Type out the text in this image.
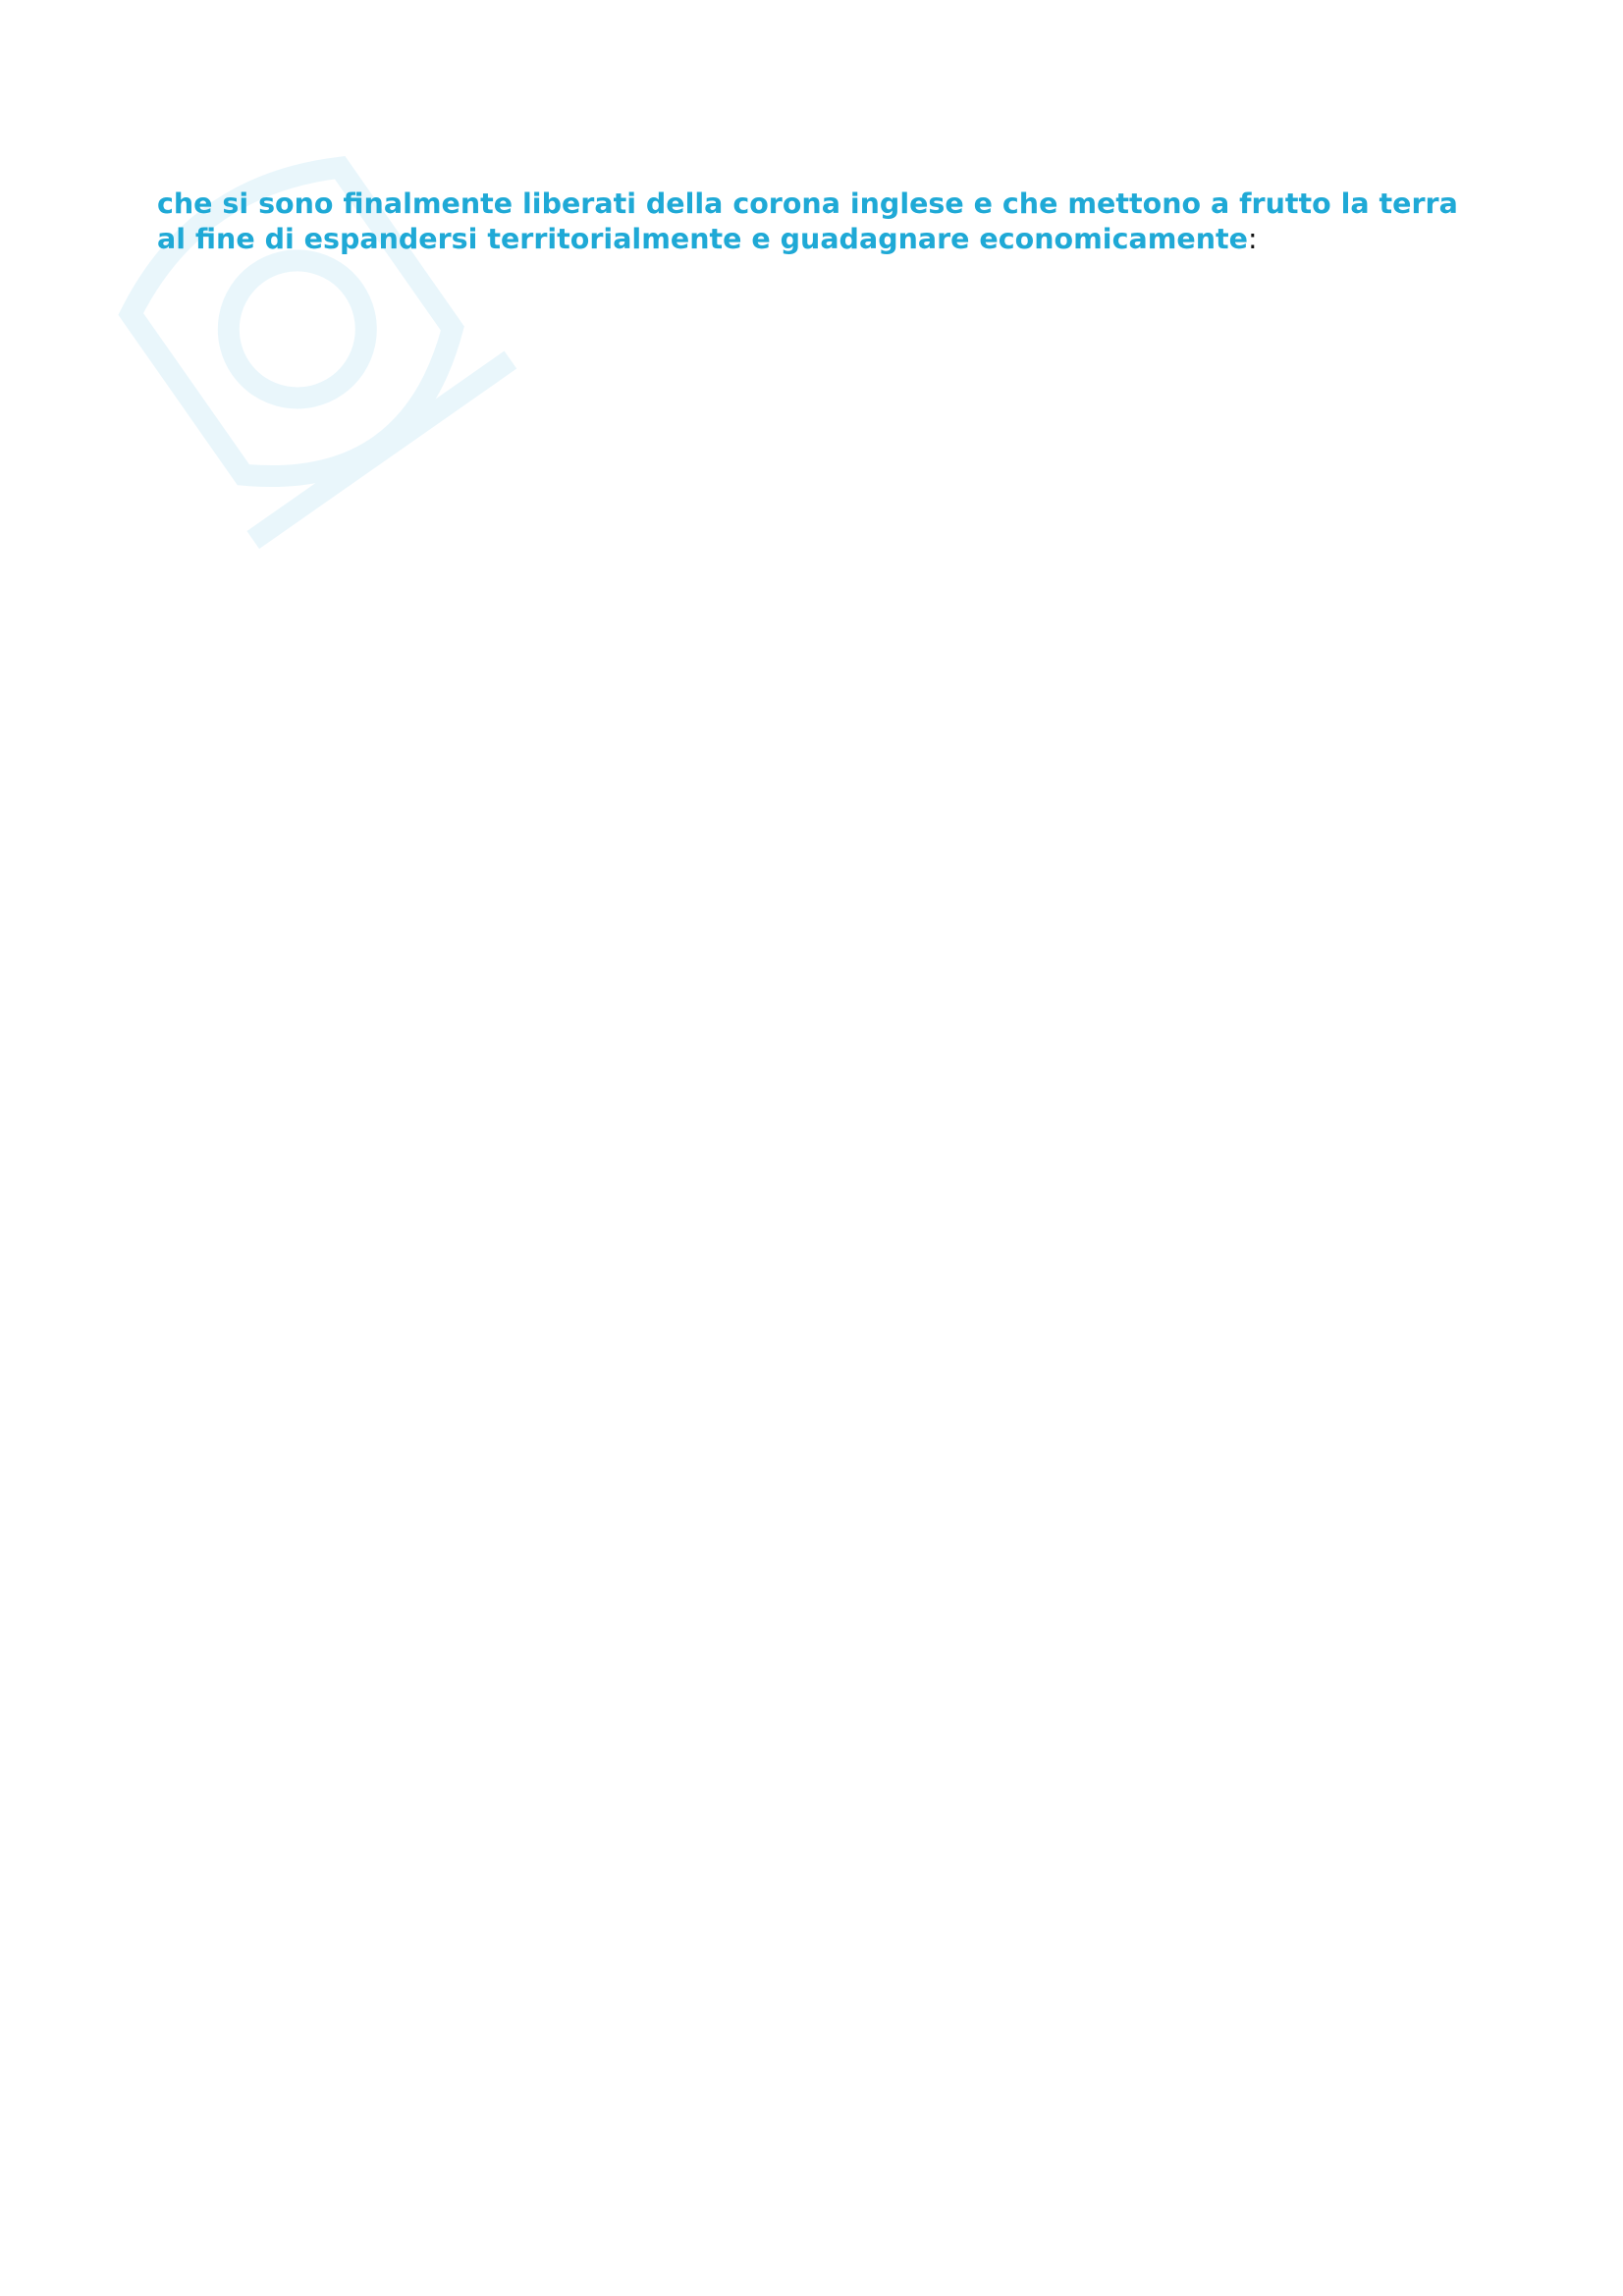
che si sono finalmente liberati della corona inglese e che mettono a frutto la terra al fine di espandersi territorialmente e guadagnare economicamente:
